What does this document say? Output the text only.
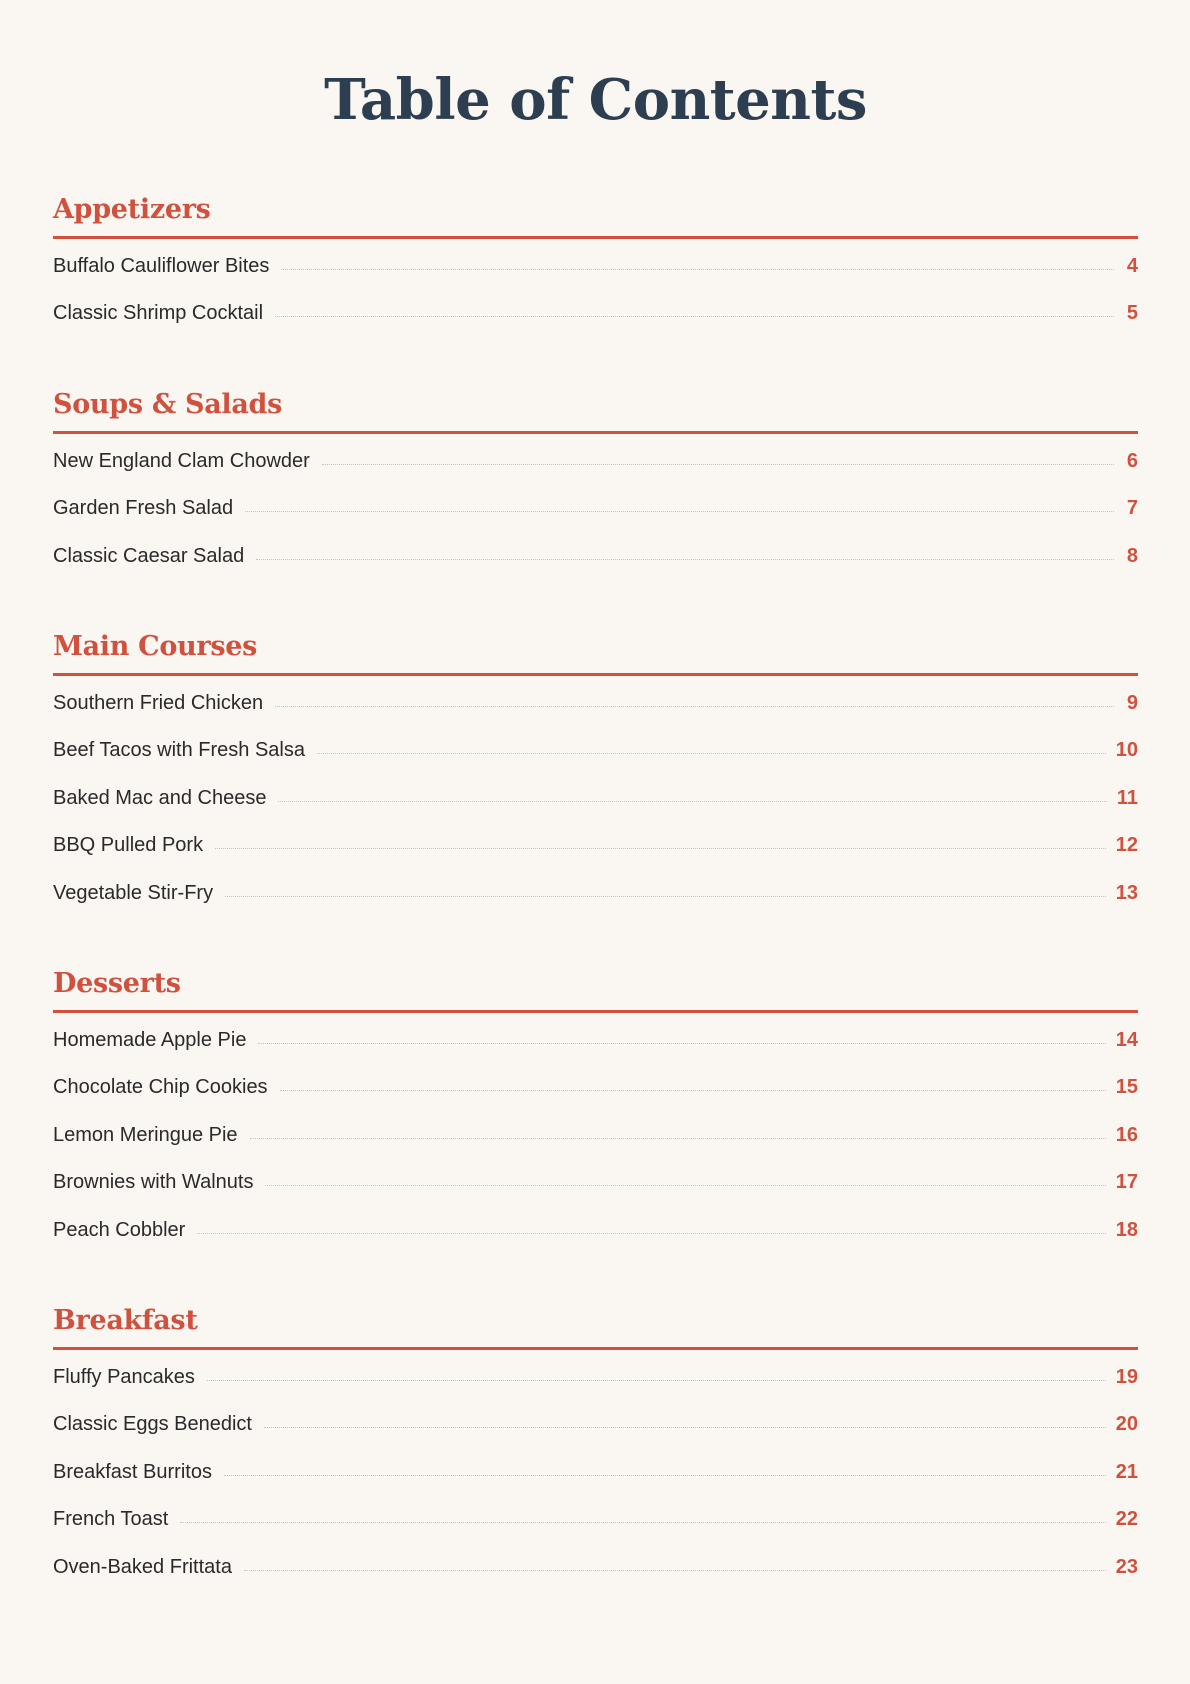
Table of Contents
Appetizers
Buffalo Cauliflower Bites	4
Classic Shrimp Cocktail	5
Soups & Salads
New England Clam Chowder	6
Garden Fresh Salad	7
Classic Caesar Salad	8
Main Courses
Southern Fried Chicken	9
Beef Tacos with Fresh Salsa	10
Baked Mac and Cheese	11
BBQ Pulled Pork	12
Vegetable Stir-Fry	13
Desserts
Homemade Apple Pie	14
Chocolate Chip Cookies	15
Lemon Meringue Pie	16
Brownies with Walnuts	17
Peach Cobbler	18
Breakfast
Fluffy Pancakes	19
Classic Eggs Benedict	20
Breakfast Burritos	21
French Toast	22
Oven-Baked Frittata	23
